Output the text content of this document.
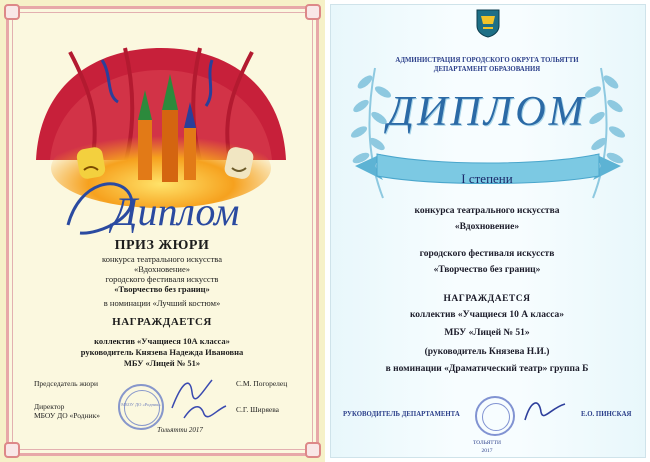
Диплом
ПРИЗ ЖЮРИ
конкурса театрального искусства
«Вдохновение»
городского фестиваля искусств
«Творчество без границ»
в номинации «Лучший костюм»
НАГРАЖДАЕТСЯ
коллектив «Учащиеся 10А класса»
руководитель Князева Надежда Ивановна
МБУ «Лицей № 51»
Председатель жюри	С.М. Погорелец
Директор
МБОУ ДО «Родник»
С.Г. Ширяева
МБОУ ДО «Родник»
Тольятти 2017
АДМИНИСТРАЦИЯ ГОРОДСКОГО ОКРУГА ТОЛЬЯТТИ
ДЕПАРТАМЕНТ ОБРАЗОВАНИЯ
ДИПЛОМ
I степени
конкурса театрального искусства
«Вдохновение»
городского фестиваля искусств
«Творчество без границ»
НАГРАЖДАЕТСЯ
коллектив «Учащиеся 10 А класса»
МБУ «Лицей № 51»
(руководитель Князева Н.И.)
в номинации «Драматический театр» группа Б
РУКОВОДИТЕЛЬ ДЕПАРТАМЕНТА	Е.О. ПИНСКАЯ
ТОЛЬЯТТИ
2017
